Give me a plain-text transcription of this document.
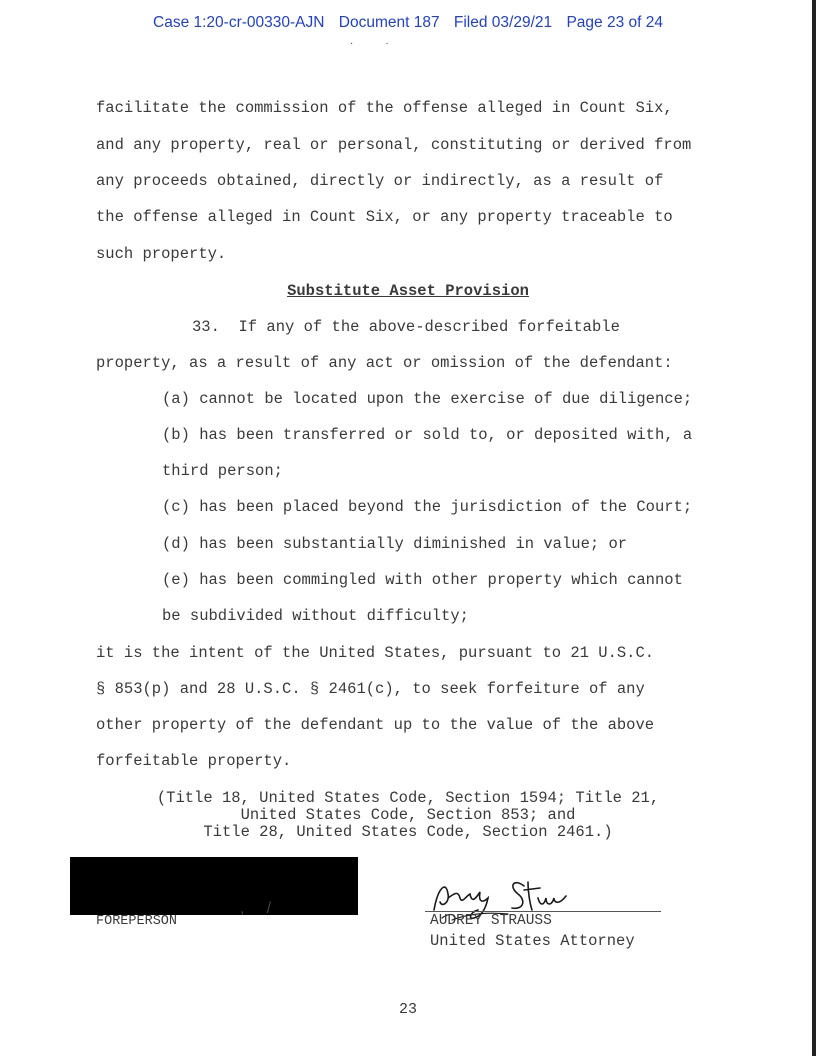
Case 1:20-cr-00330-AJN Document 187 Filed 03/29/21 Page 23 of 24
··
facilitate the commission of the offense alleged in Count Six,
and any property, real or personal, constituting or derived from
any proceeds obtained, directly or indirectly, as a result of
the offense alleged in Count Six, or any property traceable to
such property.
Substitute Asset Provision
33.  If any of the above-described forfeitable
property, as a result of any act or omission of the defendant:
(a) cannot be located upon the exercise of due diligence;
(b) has been transferred or sold to, or deposited with, a
third person;
(c) has been placed beyond the jurisdiction of the Court;
(d) has been substantially diminished in value; or
(e) has been commingled with other property which cannot
be subdivided without difficulty;
it is the intent of the United States, pursuant to 21 U.S.C.
§ 853(p) and 28 U.S.C. § 2461(c), to seek forfeiture of any
other property of the defendant up to the value of the above
forfeitable property.
(Title 18, United States Code, Section 1594; Title 21,
United States Code, Section 853; and
Title 28, United States Code, Section 2461.)
FOREPERSON
,     /
AUDREY STRAUSS
United States Attorney
23
